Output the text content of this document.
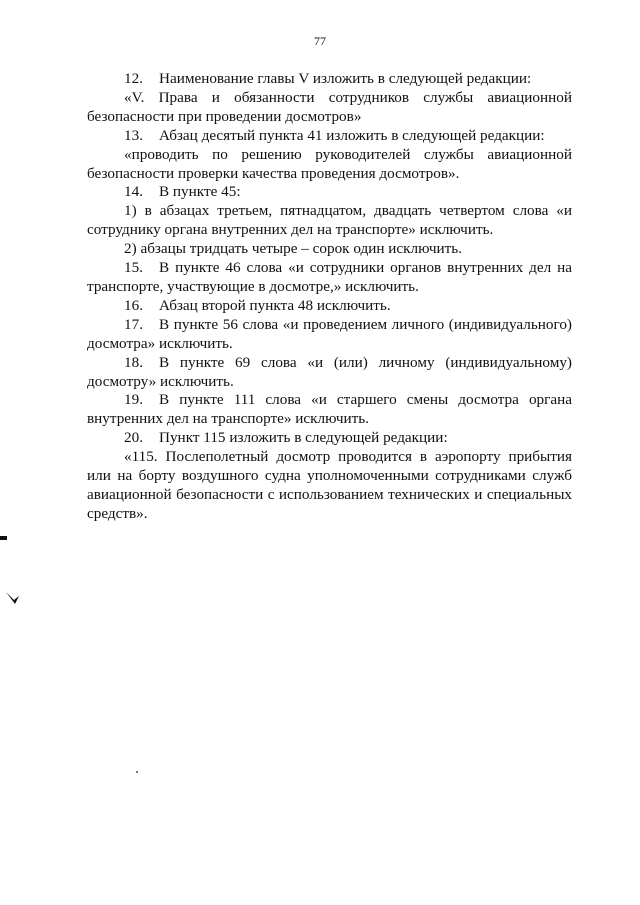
77

12. Наименование главы V изложить в следующей редакции:

«V. Права и обязанности сотрудников службы авиационной безопасности при проведении досмотров»

13. Абзац десятый пункта 41 изложить в следующей редакции:

«проводить по решению руководителей службы авиационной безопасности проверки качества проведения досмотров».

14. В пункте 45:

1) в абзацах третьем, пятнадцатом, двадцать четвертом слова «и сотруднику органа внутренних дел на транспорте» исключить.

2) абзацы тридцать четыре – сорок один исключить.

15. В пункте 46 слова «и сотрудники органов внутренних дел на транспорте, участвующие в досмотре,» исключить.

16. Абзац второй пункта 48 исключить.

17. В пункте 56 слова «и проведением личного (индивидуального) досмотра» исключить.

18. В пункте 69 слова «и (или) личному (индивидуальному) досмотру» исключить.

19. В пункте 111 слова «и старшего смены досмотра органа внутренних дел на транспорте» исключить.

20. Пункт 115 изложить в следующей редакции:

«115. Послеполетный досмотр проводится в аэропорту прибытия или на борту воздушного судна уполномоченными сотрудниками служб авиационной безопасности с использованием технических и специальных средств».
